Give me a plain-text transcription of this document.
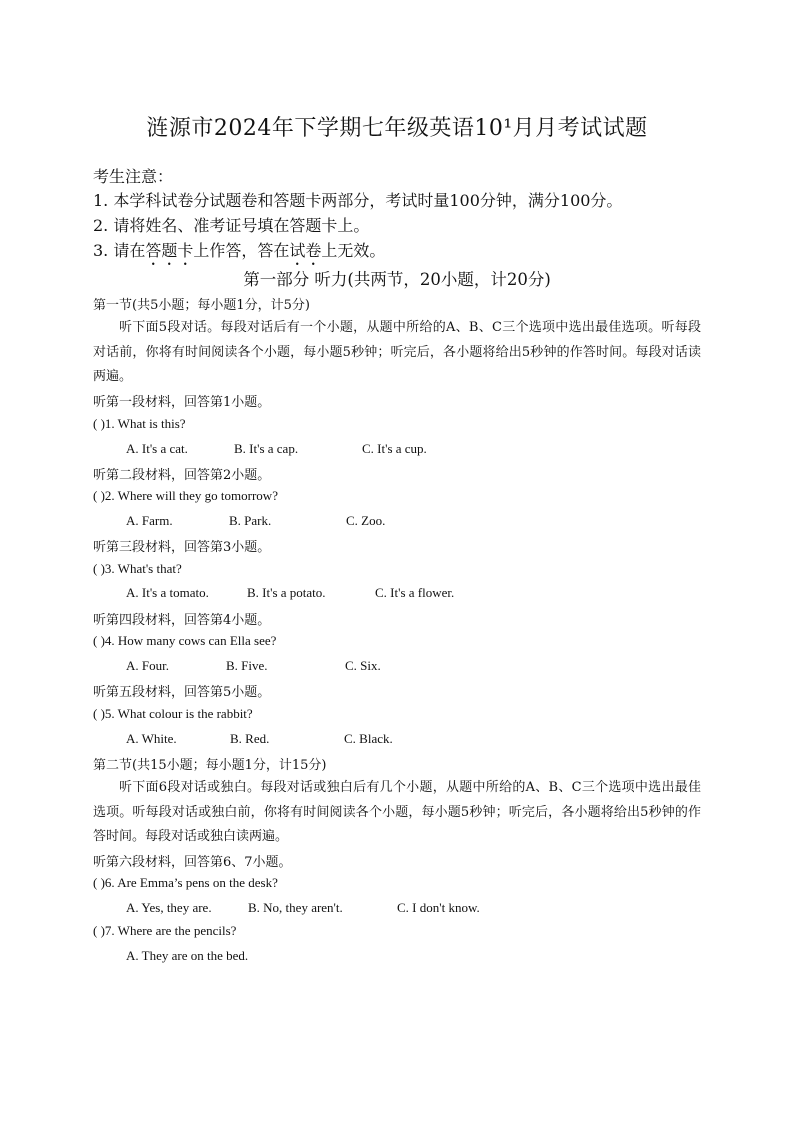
涟源市2024年下学期七年级英语10¹月月考试试题
考生注意：
1. 本学科试卷分试题卷和答题卡两部分，考试时量100分钟，满分100分。
2. 请将姓名、准考证号填在答题卡上。
3. 请在答题卡上作答，答在试卷上无效。
第一部分 听力(共两节，20小题，计20分)
第一节(共5小题；每小题1分，计5分)
听下面5段对话。每段对话后有一个小题，从题中所给的A、B、C三个选项中选出最佳选项。听每段对话前，你将有时间阅读各个小题，每小题5秒钟；听完后，各小题将给出5秒钟的作答时间。每段对话读两遍。
听第一段材料，回答第1小题。
( )1. What is this?
A. It's a cat.	B. It's a cap.	C. It's a cup.
听第二段材料，回答第2小题。
( )2. Where will they go tomorrow?
A. Farm.	B. Park.	C. Zoo.
听第三段材料，回答第3小题。
( )3. What's that?
A. It's a tomato.	B. It's a potato.	C. It's a flower.
听第四段材料，回答第4小题。
( )4. How many cows can Ella see?
A. Four.	B. Five.	C. Six.
听第五段材料，回答第5小题。
( )5. What colour is the rabbit?
A. White.	B. Red.	C. Black.
第二节(共15小题；每小题1分，计15分)
听下面6段对话或独白。每段对话或独白后有几个小题，从题中所给的A、B、C三个选项中选出最佳选项。听每段对话或独白前，你将有时间阅读各个小题，每小题5秒钟；听完后，各小题将给出5秒钟的作答时间。每段对话或独白读两遍。
听第六段材料，回答第6、7小题。
( )6. Are Emma’s pens on the desk?
A. Yes, they are.	B. No, they aren't.	C. I don't know.
( )7. Where are the pencils?
A. They are on the bed.
